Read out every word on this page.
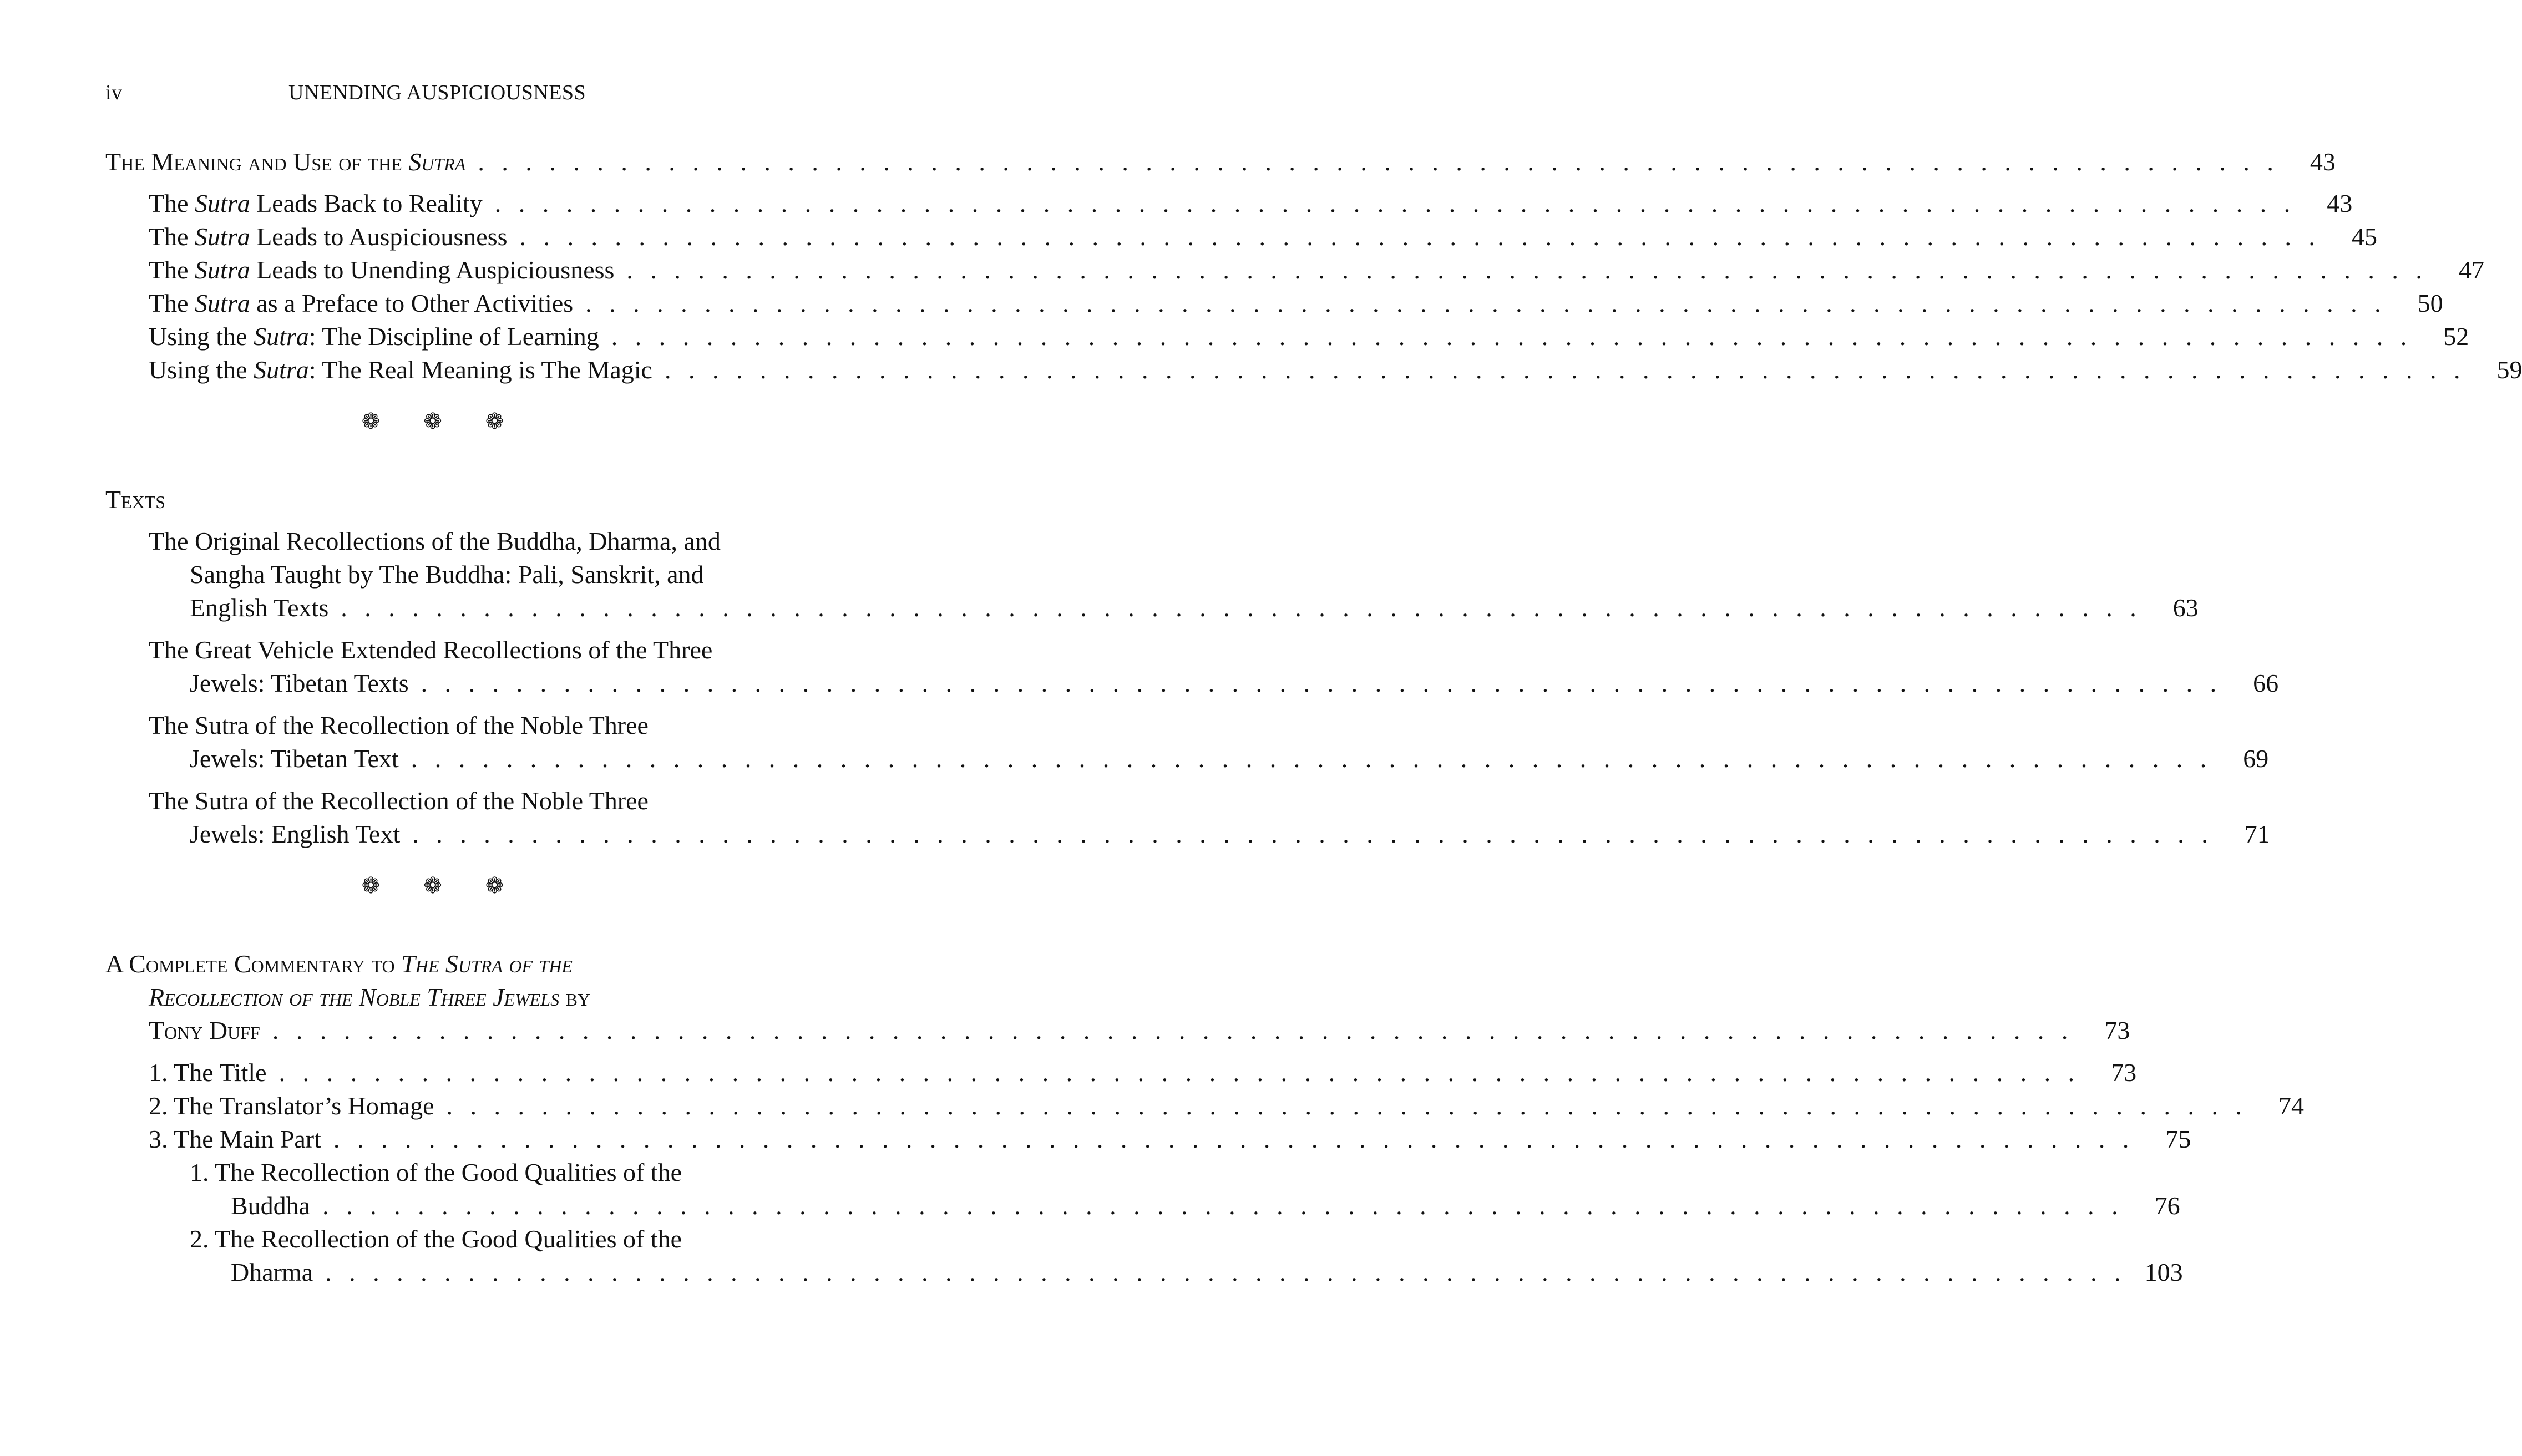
iv	UNENDING AUSPICIOUSNESS
The Meaning and Use of the Sutra . . . . . . . . . . . . . . . . . . . . . . . . . . . . . . . . . . . . . . . . . . . . . . . . . . . . . . . . . . . . . . . . . . . . . . . . . . . .	43
The Sutra Leads Back to Reality . . . . . . . . . . . . . . . . . . . . . . . . . . . . . . . . . . . . . . . . . . . . . . . . . . . . . . . . . . . . . . . . . . . . . . . . . . . .	43
The Sutra Leads to Auspiciousness . . . . . . . . . . . . . . . . . . . . . . . . . . . . . . . . . . . . . . . . . . . . . . . . . . . . . . . . . . . . . . . . . . . . . . . . . . . .	45
The Sutra Leads to Unending Auspiciousness . . . . . . . . . . . . . . . . . . . . . . . . . . . . . . . . . . . . . . . . . . . . . . . . . . . . . . . . . . . . . . . . . . . . . . . . . . . .	47
The Sutra as a Preface to Other Activities . . . . . . . . . . . . . . . . . . . . . . . . . . . . . . . . . . . . . . . . . . . . . . . . . . . . . . . . . . . . . . . . . . . . . . . . . . . .	50
Using the Sutra: The Discipline of Learning . . . . . . . . . . . . . . . . . . . . . . . . . . . . . . . . . . . . . . . . . . . . . . . . . . . . . . . . . . . . . . . . . . . . . . . . . . . .	52
Using the Sutra: The Real Meaning is The Magic . . . . . . . . . . . . . . . . . . . . . . . . . . . . . . . . . . . . . . . . . . . . . . . . . . . . . . . . . . . . . . . . . . . . . . . . . . . .	59
❁ ❁ ❁
Texts
The Original Recollections of the Buddha, Dharma, and
Sangha Taught by The Buddha: Pali, Sanskrit, and
English Texts . . . . . . . . . . . . . . . . . . . . . . . . . . . . . . . . . . . . . . . . . . . . . . . . . . . . . . . . . . . . . . . . . . . . . . . . . . . .	63
The Great Vehicle Extended Recollections of the Three
Jewels: Tibetan Texts . . . . . . . . . . . . . . . . . . . . . . . . . . . . . . . . . . . . . . . . . . . . . . . . . . . . . . . . . . . . . . . . . . . . . . . . . . . .	66
The Sutra of the Recollection of the Noble Three
Jewels: Tibetan Text . . . . . . . . . . . . . . . . . . . . . . . . . . . . . . . . . . . . . . . . . . . . . . . . . . . . . . . . . . . . . . . . . . . . . . . . . . . .	69
The Sutra of the Recollection of the Noble Three
Jewels: English Text . . . . . . . . . . . . . . . . . . . . . . . . . . . . . . . . . . . . . . . . . . . . . . . . . . . . . . . . . . . . . . . . . . . . . . . . . . . .	71
❁ ❁ ❁
A Complete Commentary to The Sutra of the
Recollection of the Noble Three Jewels by
Tony Duff . . . . . . . . . . . . . . . . . . . . . . . . . . . . . . . . . . . . . . . . . . . . . . . . . . . . . . . . . . . . . . . . . . . . . . . . . . . .	73
1. The Title . . . . . . . . . . . . . . . . . . . . . . . . . . . . . . . . . . . . . . . . . . . . . . . . . . . . . . . . . . . . . . . . . . . . . . . . . . . .	73
2. The Translator’s Homage . . . . . . . . . . . . . . . . . . . . . . . . . . . . . . . . . . . . . . . . . . . . . . . . . . . . . . . . . . . . . . . . . . . . . . . . . . . .	74
3. The Main Part . . . . . . . . . . . . . . . . . . . . . . . . . . . . . . . . . . . . . . . . . . . . . . . . . . . . . . . . . . . . . . . . . . . . . . . . . . . .	75
1. The Recollection of the Good Qualities of the
Buddha . . . . . . . . . . . . . . . . . . . . . . . . . . . . . . . . . . . . . . . . . . . . . . . . . . . . . . . . . . . . . . . . . . . . . . . . . . . .	76
2. The Recollection of the Good Qualities of the
Dharma . . . . . . . . . . . . . . . . . . . . . . . . . . . . . . . . . . . . . . . . . . . . . . . . . . . . . . . . . . . . . . . . . . . . . . . . . . . . 103
